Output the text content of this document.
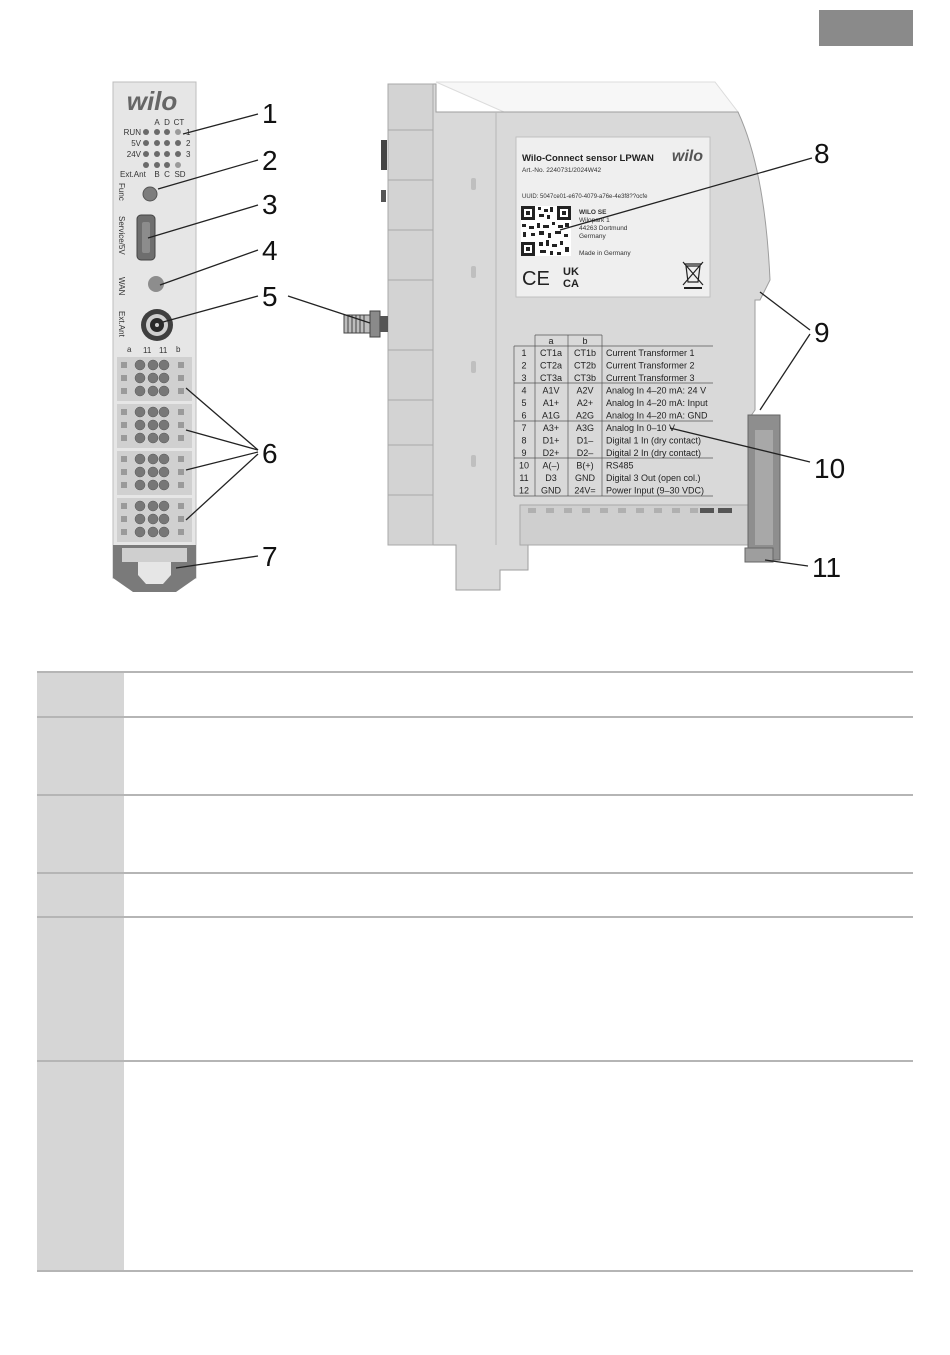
wilo
A D CT
RUN
5V
24V
1
2
3
Ext.Ant B C SD
Func
Service/5V
WAN
Ext.Ant
a 11 11 b
Wilo-Connect sensor LPWAN wilo
Art.-No. 2240731/2024W42
UUID: 5047ce01-e670-4079-a76e-4e3f8??ocfe
WILO SE
Wilopark 1
44263 Dortmund
Germany
Made in Germany
CE UK
CA
a	b
1 CT1a CT1b Current Transformer 1
2 CT2a CT2b Current Transformer 2
3 CT3a CT3b Current Transformer 3
4 A1V A2V Analog In 4–20 mA: 24 V
5 A1+ A2+ Analog In 4–20 mA: Input
6 A1G A2G Analog In 4–20 mA: GND
7 A3+ A3G Analog In 0–10 V
8 D1+ D1– Digital 1 In (dry contact)
9 D2+ D2– Digital 2 In (dry contact)
10 A(–) B(+) RS485
11 D3 GND Digital 3 Out (open col.)
12 GND 24V= Power Input (9–30 VDC)
1
2
3
4
5
6
7
8
9
10
11
